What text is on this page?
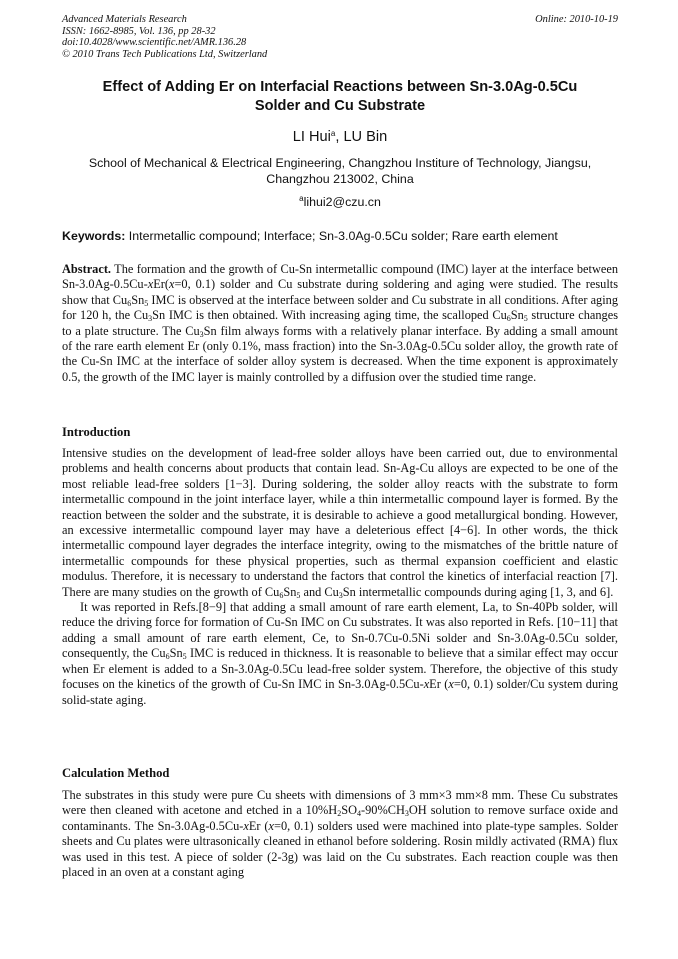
Advanced Materials Research
ISSN: 1662-8985, Vol. 136, pp 28-32
doi:10.4028/www.scientific.net/AMR.136.28
© 2010 Trans Tech Publications Ltd, Switzerland
Online: 2010-10-19
Effect of Adding Er on Interfacial Reactions between Sn-3.0Ag-0.5Cu
Solder and Cu Substrate
LI Hui$^a$, LU Bin
School of Mechanical & Electrical Engineering, Changzhou Institure of Technology, Jiangsu,
Changzhou 213002, China
$^a$lihui2@czu.cn
Keywords: Intermetallic compound; Interface; Sn-3.0Ag-0.5Cu solder; Rare earth element

Abstract. The formation and the growth of Cu-Sn intermetallic compound (IMC) layer at the interface between Sn-3.0Ag-0.5Cu-xEr(x=0, 0.1) solder and Cu substrate during soldering and aging were studied. The results show that $Cu_6Sn_5$ IMC is observed at the interface between solder and Cu substrate in all conditions. After aging for 120 h, the $Cu_3Sn$ IMC is then obtained. With increasing aging time, the scalloped $Cu_6Sn_5$ structure changes to a plate structure. The $Cu_3Sn$ film always forms with a relatively planar interface. By adding a small amount of the rare earth element Er (only 0.1%, mass fraction) into the Sn-3.0Ag-0.5Cu solder alloy, the growth rate of the Cu-Sn IMC at the interface of solder alloy system is decreased. When the time exponent is approximately 0.5, the growth of the IMC layer is mainly controlled by a diffusion over the studied time range.

Introduction

Intensive studies on the development of lead-free solder alloys have been carried out, due to environmental problems and health concerns about products that contain lead. Sn-Ag-Cu alloys are expected to be one of the most reliable lead-free solders [1−3]. During soldering, the solder alloy reacts with the substrate to form intermetallic compound in the joint interface layer, while a thin intermetallic compound layer is formed. By the reaction between the solder and the substrate, it is desirable to achieve a good metallurgical bonding. However, an excessive intermetallic compound layer may have a deleterious effect [4−6]. In other words, the thick intermetallic compound layer degrades the interface integrity, owing to the mismatches of the brittle nature of intermetallic compounds for these physical properties, such as thermal expansion coefficient and elastic modulus. Therefore, it is necessary to understand the factors that control the kinetics of interfacial reaction [7]. There are many studies on the growth of $Cu_6Sn_5$ and $Cu_3Sn$ intermetallic compounds during aging [1, 3, and 6].

It was reported in Refs.[8−9] that adding a small amount of rare earth element, La, to Sn-40Pb solder, will reduce the driving force for formation of Cu-Sn IMC on Cu substrates. It was also reported in Refs. [10−11] that adding a small amount of rare earth element, Ce, to Sn-0.7Cu-0.5Ni solder and Sn-3.0Ag-0.5Cu solder, consequently, the $Cu_6Sn_5$ IMC is reduced in thickness. It is reasonable to believe that a similar effect may occur when Er element is added to a Sn-3.0Ag-0.5Cu lead-free solder system. Therefore, the objective of this study focuses on the kinetics of the growth of Cu-Sn IMC in Sn-3.0Ag-0.5Cu-xEr (x=0, 0.1) solder/Cu system during solid-state aging.

Calculation Method

The substrates in this study were pure Cu sheets with dimensions of 3 mm×3 mm×8 mm. These Cu substrates were then cleaned with acetone and etched in a $10\%H_2SO_4-90\%CH_3OH$ solution to remove surface oxide and contaminants. The Sn-3.0Ag-0.5Cu-xEr (x=0, 0.1) solders used were machined into plate-type samples. Solder sheets and Cu plates were ultrasonically cleaned in ethanol before soldering. Rosin mildly activated (RMA) flux was used in this test. A piece of solder (2-3g) was laid on the Cu substrates. Each reaction couple was then placed in an oven at a constant aging
